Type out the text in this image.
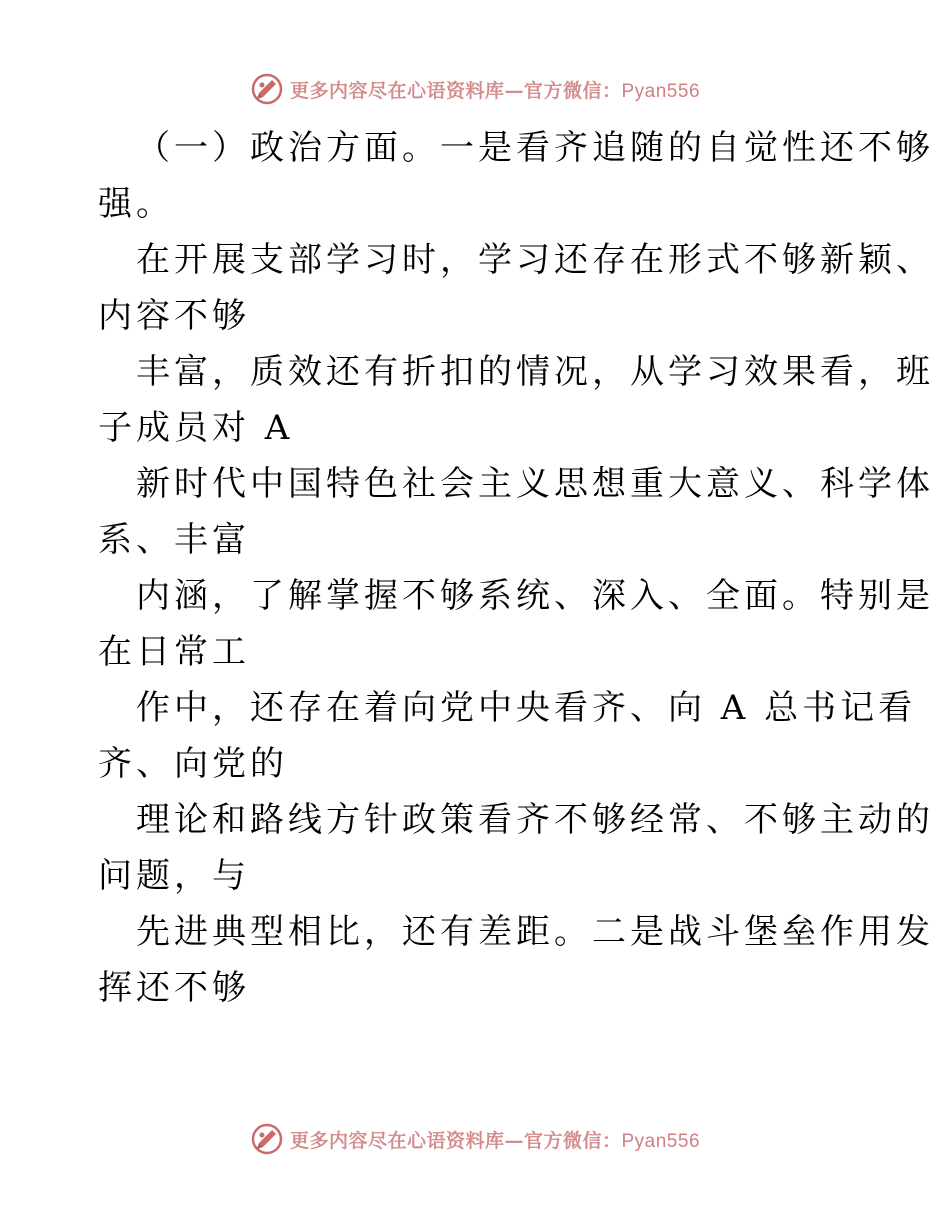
更多内容尽在心语资料库—官方微信：Pyan556
（一）政治方面。一是看齐追随的自觉性还不够
强。
在开展支部学习时，学习还存在形式不够新颖、
内容不够
丰富，质效还有折扣的情况，从学习效果看，班
子成员对 A
新时代中国特色社会主义思想重大意义、科学体
系、丰富
内涵，了解掌握不够系统、深入、全面。特别是
在日常工
作中，还存在着向党中央看齐、向 A 总书记看
齐、向党的
理论和路线方针政策看齐不够经常、不够主动的
问题，与
先进典型相比，还有差距。二是战斗堡垒作用发
挥还不够
更多内容尽在心语资料库—官方微信：Pyan556
